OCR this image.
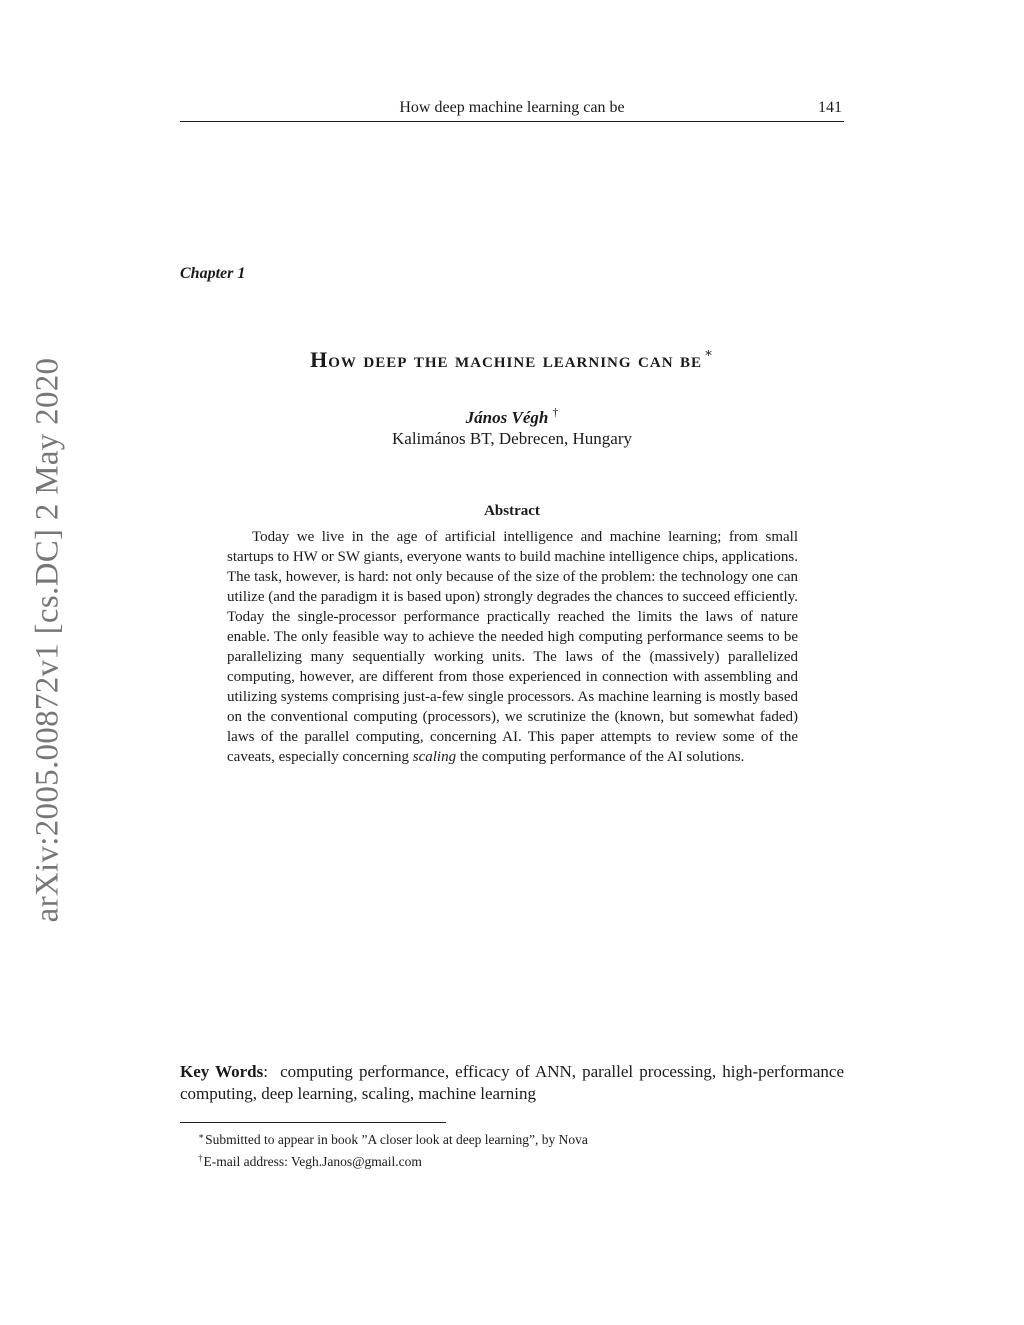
How deep machine learning can be	141
arXiv:2005.00872v1 [cs.DC] 2 May 2020
Chapter 1
How deep the machine learning can be ∗
János Végh †
Kalimános BT, Debrecen, Hungary
Abstract

Today we live in the age of artificial intelligence and machine learning; from small startups to HW or SW giants, everyone wants to build machine intelligence chips, applications. The task, however, is hard: not only because of the size of the problem: the technology one can utilize (and the paradigm it is based upon) strongly degrades the chances to succeed efficiently. Today the single-processor performance practically reached the limits the laws of nature enable. The only feasible way to achieve the needed high computing performance seems to be parallelizing many sequentially working units. The laws of the (massively) parallelized computing, however, are different from those experienced in connection with assembling and utilizing systems comprising just-a-few single processors. As machine learning is mostly based on the conventional computing (processors), we scrutinize the (known, but somewhat faded) laws of the parallel computing, concerning AI. This paper attempts to review some of the caveats, especially concerning scaling the computing performance of the AI solutions.

Key Words: computing performance, efficacy of ANN, parallel processing, high-performance computing, deep learning, scaling, machine learning

∗Submitted to appear in book ”A closer look at deep learning”, by Nova

†E-mail address: Vegh.Janos@gmail.com
